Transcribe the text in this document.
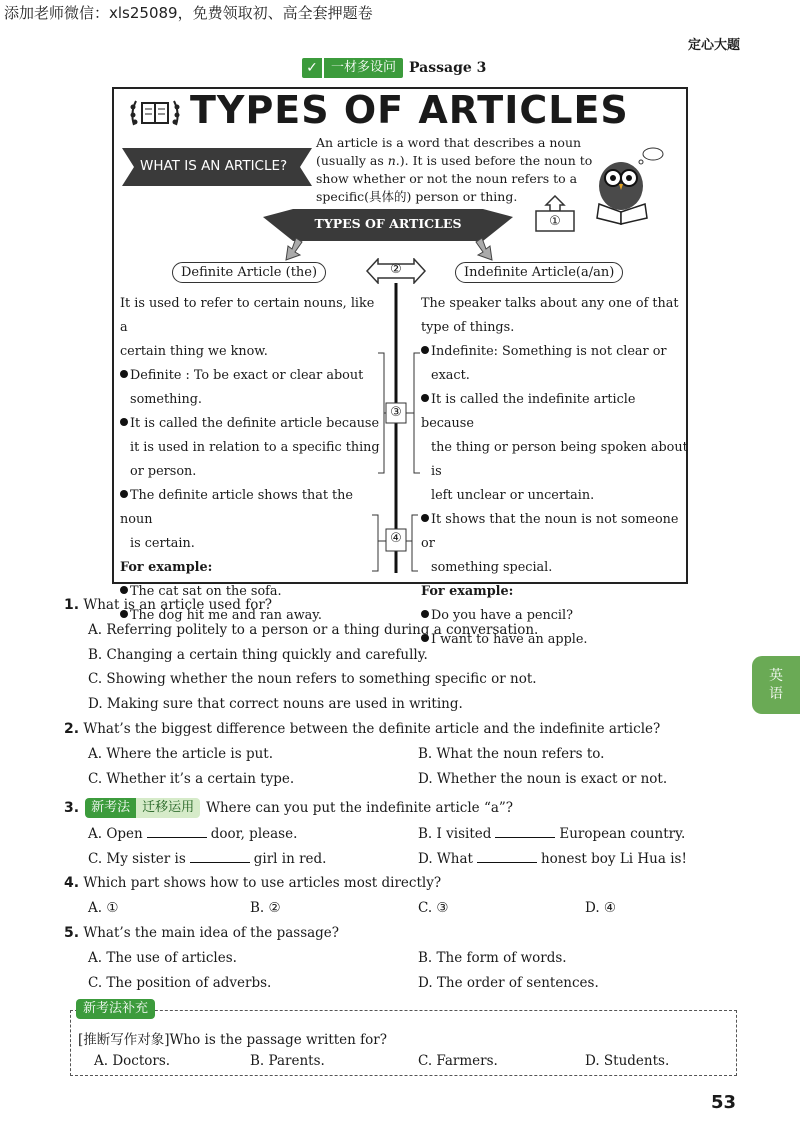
添加老师微信：xls25089，免费领取初、高全套押题卷
定心大题
✓	一材多设问 Passage 3
TYPES OF ARTICLES
WHAT IS AN ARTICLE?
An article is a word that describes a noun (usually as n.). It is used before the noun to show whether or not the noun refers to a specific(具体的) person or thing.
①
TYPES OF ARTICLES
Definite Article (the)	Indefinite Article(a/an)
②
③
④

It is used to refer to certain nouns, like a

certain thing we know.

Definite : To be exact or clear about

something.

It is called the definite article because

it is used in relation to a specific thing

or person.

The definite article shows that the noun

is certain.

For example:

The cat sat on the sofa.

The dog hit me and ran away.

The speaker talks about any one of that

type of things.

Indefinite: Something is not clear or

exact.

It is called the indefinite article because

the thing or person being spoken about is

left unclear or uncertain.

It shows that the noun is not someone or

something special.

For example:

Do you have a pencil?

I want to have an apple.

1. What is an article used for?
A. Referring politely to a person or a thing during a conversation.
B. Changing a certain thing quickly and carefully.
C. Showing whether the noun refers to something specific or not.
D. Making sure that correct nouns are used in writing.
2. What’s the biggest difference between the definite article and the indefinite article?
A. Where the article is put.	B. What the noun refers to.
C. Whether it’s a certain type.	D. Whether the noun is exact or not.
3. 新考法 迁移运用 Where can you put the indefinite article “a”?
A. Open	door, please.	B. I visited	European country.
C. My sister is	girl in red.	D. What	honest boy Li Hua is!
4. Which part shows how to use articles most directly?
A. ①	B. ②	C. ③	D. ④
5. What’s the main idea of the passage?
A. The use of articles.	B. The form of words.
C. The position of adverbs.	D. The order of sentences.
新考法补充
[推断写作对象]Who is the passage written for?
A. Doctors.	B. Parents.	C. Farmers.	D. Students.
英
语
53
